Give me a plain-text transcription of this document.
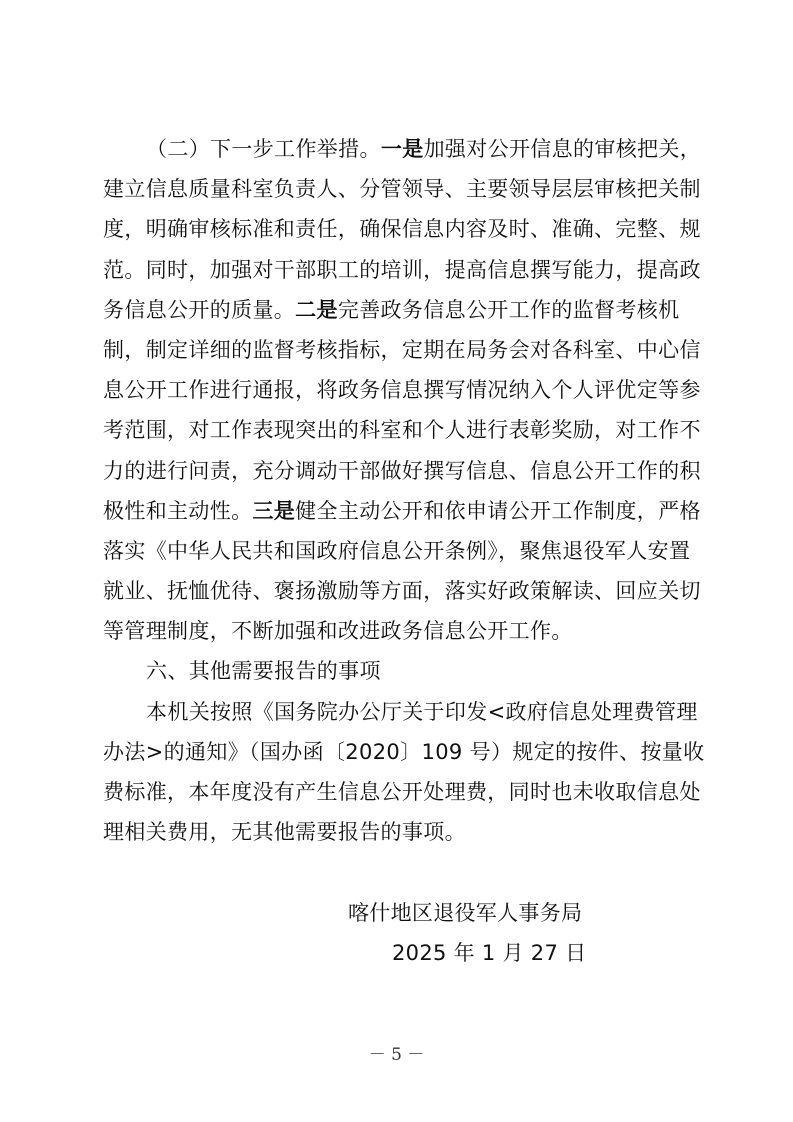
（二）下一步工作举措。一是加强对公开信息的审核把关，
建立信息质量科室负责人、分管领导、主要领导层层审核把关制
度，明确审核标准和责任，确保信息内容及时、准确、完整、规
范。同时，加强对干部职工的培训，提高信息撰写能力，提高政
务信息公开的质量。二是完善政务信息公开工作的监督考核机
制，制定详细的监督考核指标，定期在局务会对各科室、中心信
息公开工作进行通报，将政务信息撰写情况纳入个人评优定等参
考范围，对工作表现突出的科室和个人进行表彰奖励，对工作不
力的进行问责，充分调动干部做好撰写信息、信息公开工作的积
极性和主动性。三是健全主动公开和依申请公开工作制度，严格
落实《中华人民共和国政府信息公开条例》，聚焦退役军人安置
就业、抚恤优待、褒扬激励等方面，落实好政策解读、回应关切
等管理制度，不断加强和改进政务信息公开工作。
六、其他需要报告的事项
本机关按照《国务院办公厅关于印发<政府信息处理费管理
办法>的通知》（国办函〔2020〕109 号）规定的按件、按量收
费标准，本年度没有产生信息公开处理费，同时也未收取信息处
理相关费用，无其他需要报告的事项。
喀什地区退役军人事务局
2025 年 1 月 27 日
－ 5 －
